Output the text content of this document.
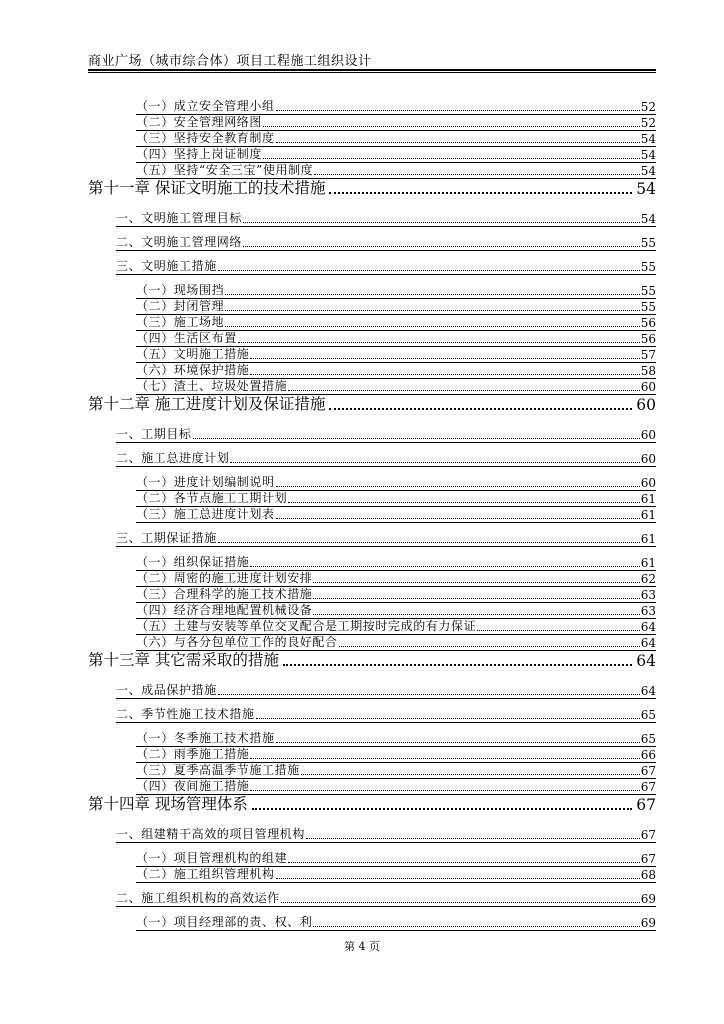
商业广场（城市综合体）项目工程施工组织设计
（一）成立安全管理小组	52
（二）安全管理网络图	52
（三）坚持安全教育制度	54
（四）坚持上岗证制度	54
（五）坚持“安全三宝”使用制度	54
第十一章 保证文明施工的技术措施	54
一、文明施工管理目标	54
二、文明施工管理网络	55
三、文明施工措施	55
（一）现场围挡	55
（二）封闭管理	55
（三）施工场地	56
（四）生活区布置	56
（五）文明施工措施	57
（六）环境保护措施	58
（七）渣土、垃圾处置措施	60
第十二章 施工进度计划及保证措施	60
一、工期目标	60
二、施工总进度计划	60
（一）进度计划编制说明	60
（二）各节点施工工期计划	61
（三）施工总进度计划表	61
三、工期保证措施	61
（一）组织保证措施	61
（二）周密的施工进度计划安排	62
（三）合理科学的施工技术措施	63
（四）经济合理地配置机械设备	63
（五）土建与安装等单位交叉配合是工期按时完成的有力保证	64
（六）与各分包单位工作的良好配合	64
第十三章 其它需采取的措施	64
一、成品保护措施	64
二、季节性施工技术措施	65
（一）冬季施工技术措施	65
（二）雨季施工措施	66
（三）夏季高温季节施工措施	67
（四）夜间施工措施	67
第十四章 现场管理体系	67
一、组建精干高效的项目管理机构	67
（一）项目管理机构的组建	67
（二）施工组织管理机构	68
二、施工组织机构的高效运作	69
（一）项目经理部的责、权、利	69
第 4 页
